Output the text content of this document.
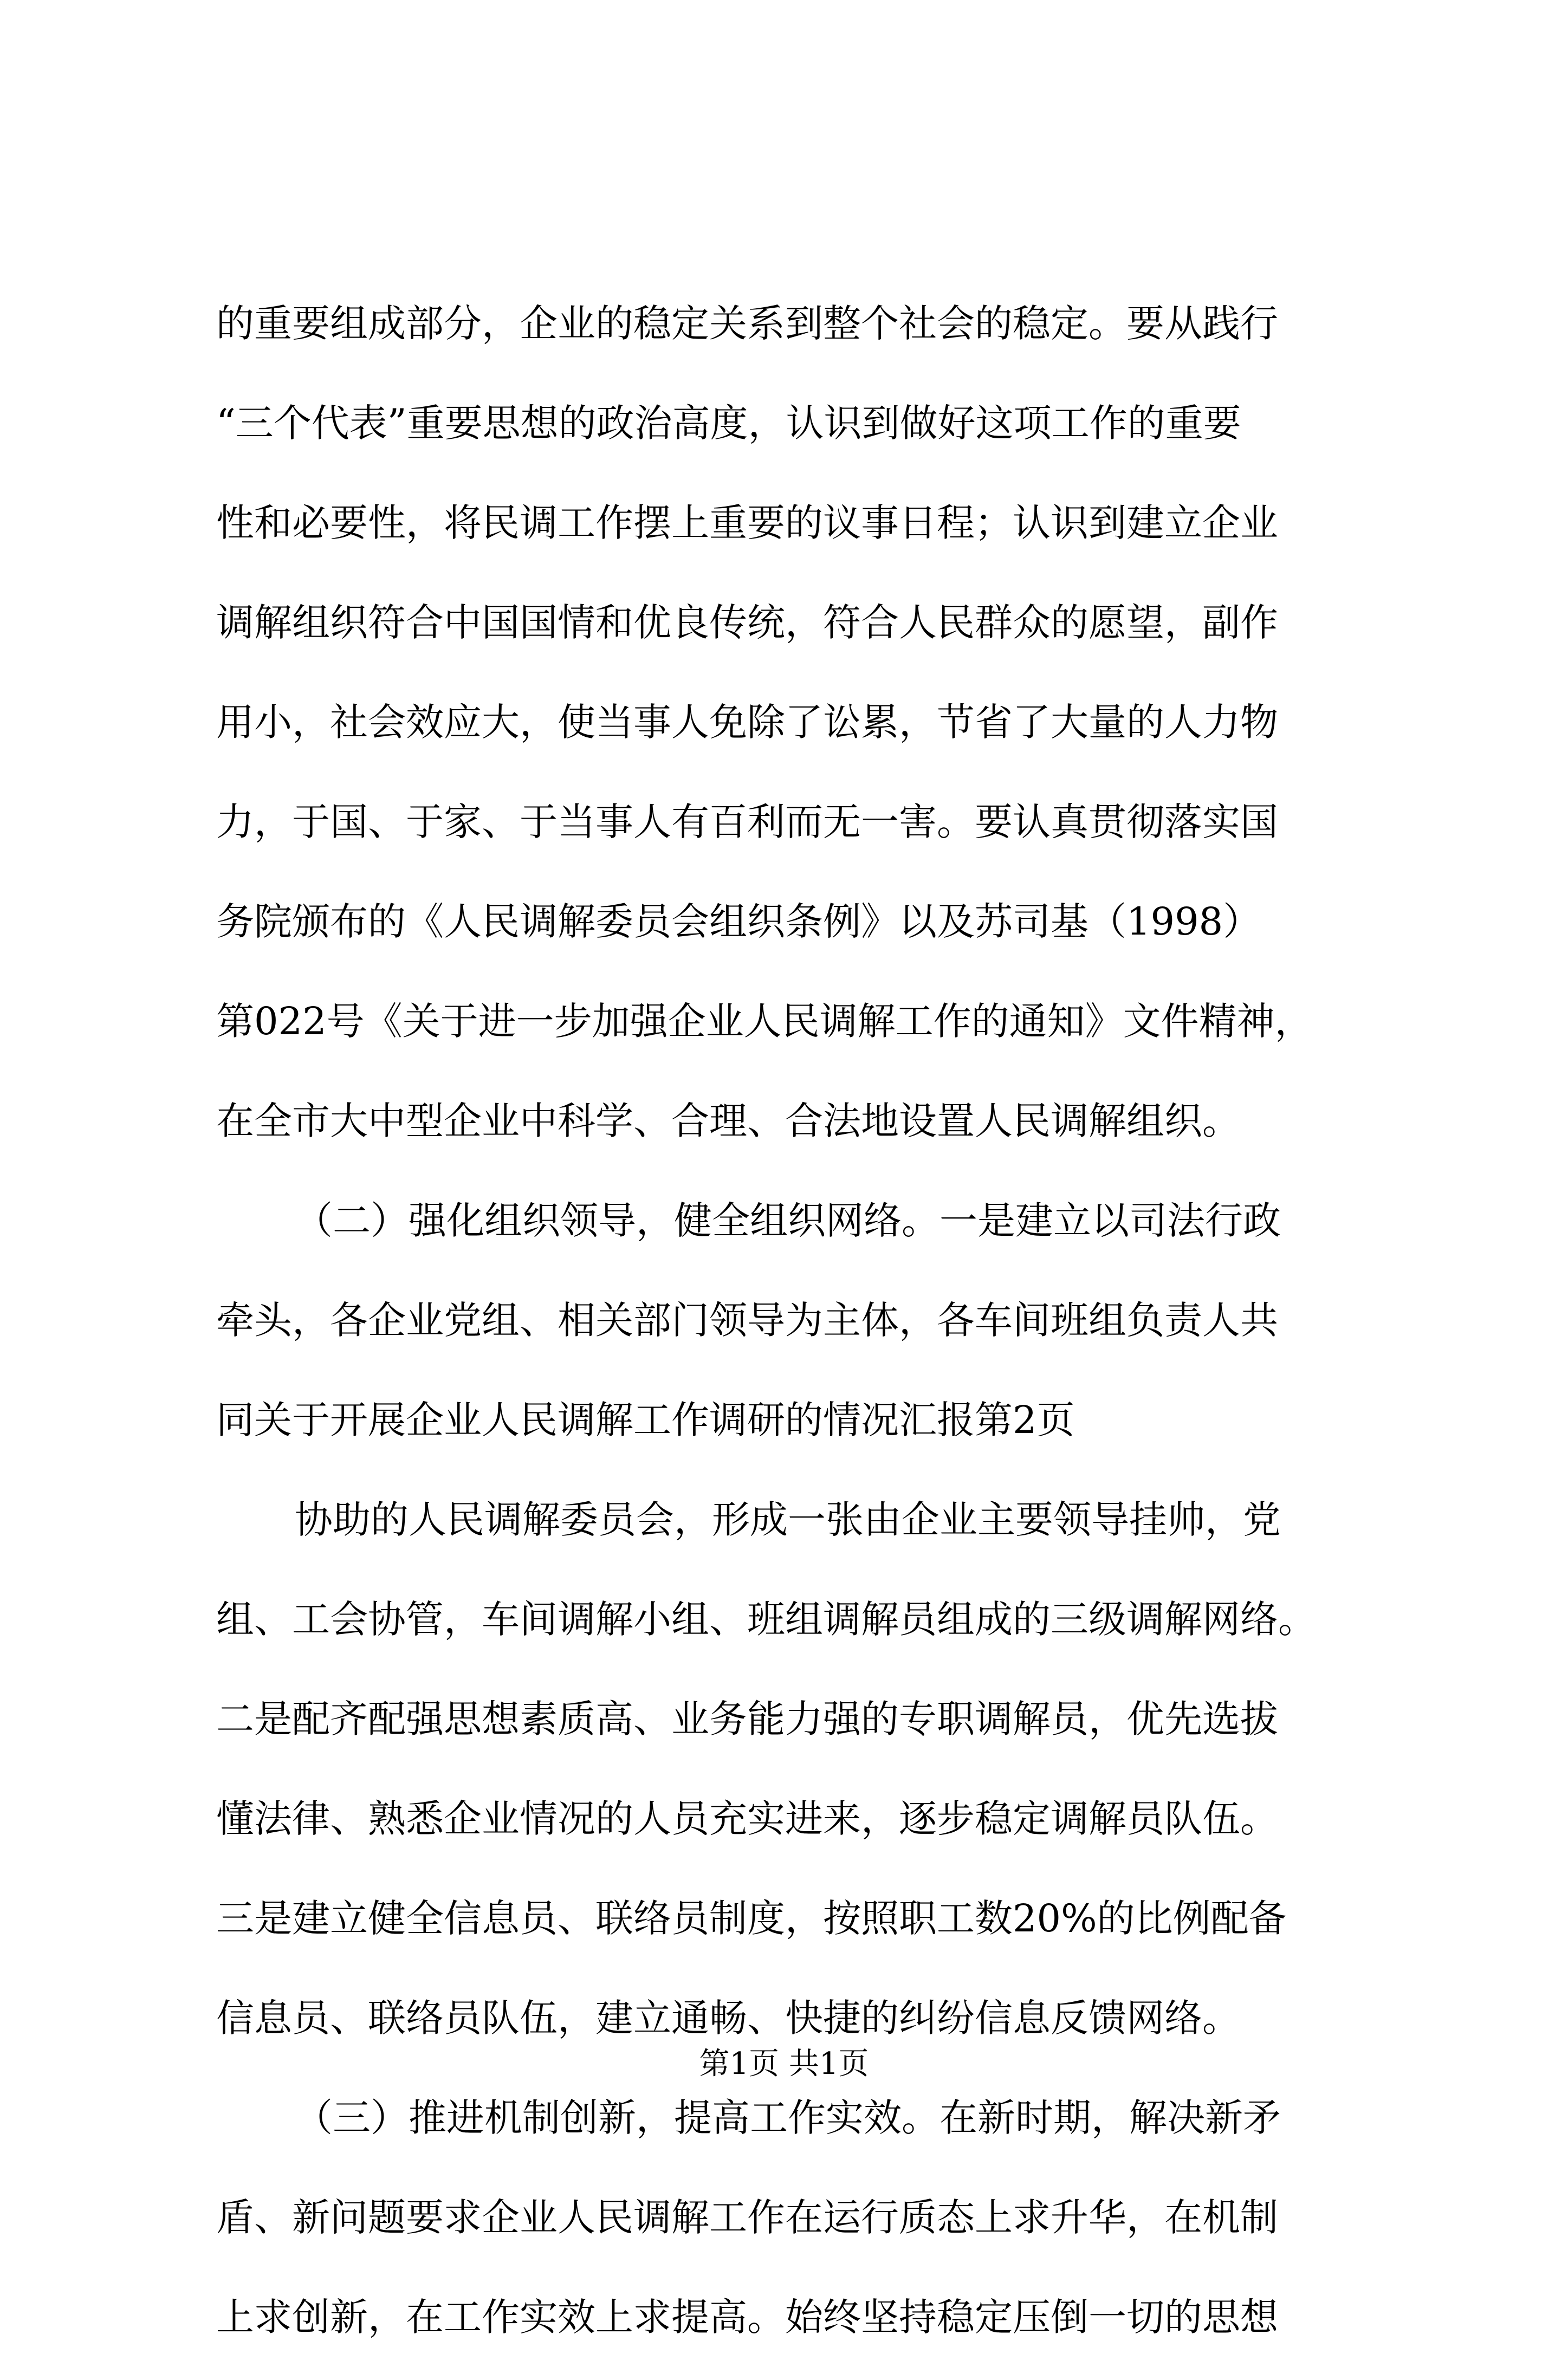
的重要组成部分，企业的稳定关系到整个社会的稳定。要从践行
“三个代表”重要思想的政治高度，认识到做好这项工作的重要
性和必要性，将民调工作摆上重要的议事日程；认识到建立企业
调解组织符合中国国情和优良传统，符合人民群众的愿望，副作
用小，社会效应大，使当事人免除了讼累，节省了大量的人力物
力，于国、于家、于当事人有百利而无一害。要认真贯彻落实国
务院颁布的《人民调解委员会组织条例》以及苏司基（1998）
第022号《关于进一步加强企业人民调解工作的通知》文件精神，
在全市大中型企业中科学、合理、合法地设置人民调解组织。
（二）强化组织领导，健全组织网络。一是建立以司法行政
牵头，各企业党组、相关部门领导为主体，各车间班组负责人共
同关于开展企业人民调解工作调研的情况汇报第2页
协助的人民调解委员会，形成一张由企业主要领导挂帅，党
组、工会协管，车间调解小组、班组调解员组成的三级调解网络。
二是配齐配强思想素质高、业务能力强的专职调解员，优先选拔
懂法律、熟悉企业情况的人员充实进来，逐步稳定调解员队伍。
三是建立健全信息员、联络员制度，按照职工数20%的比例配备
信息员、联络员队伍，建立通畅、快捷的纠纷信息反馈网络。
（三）推进机制创新，提高工作实效。在新时期，解决新矛
盾、新问题要求企业人民调解工作在运行质态上求升华，在机制
上求创新，在工作实效上求提高。始终坚持稳定压倒一切的思想
第1页 共1页
